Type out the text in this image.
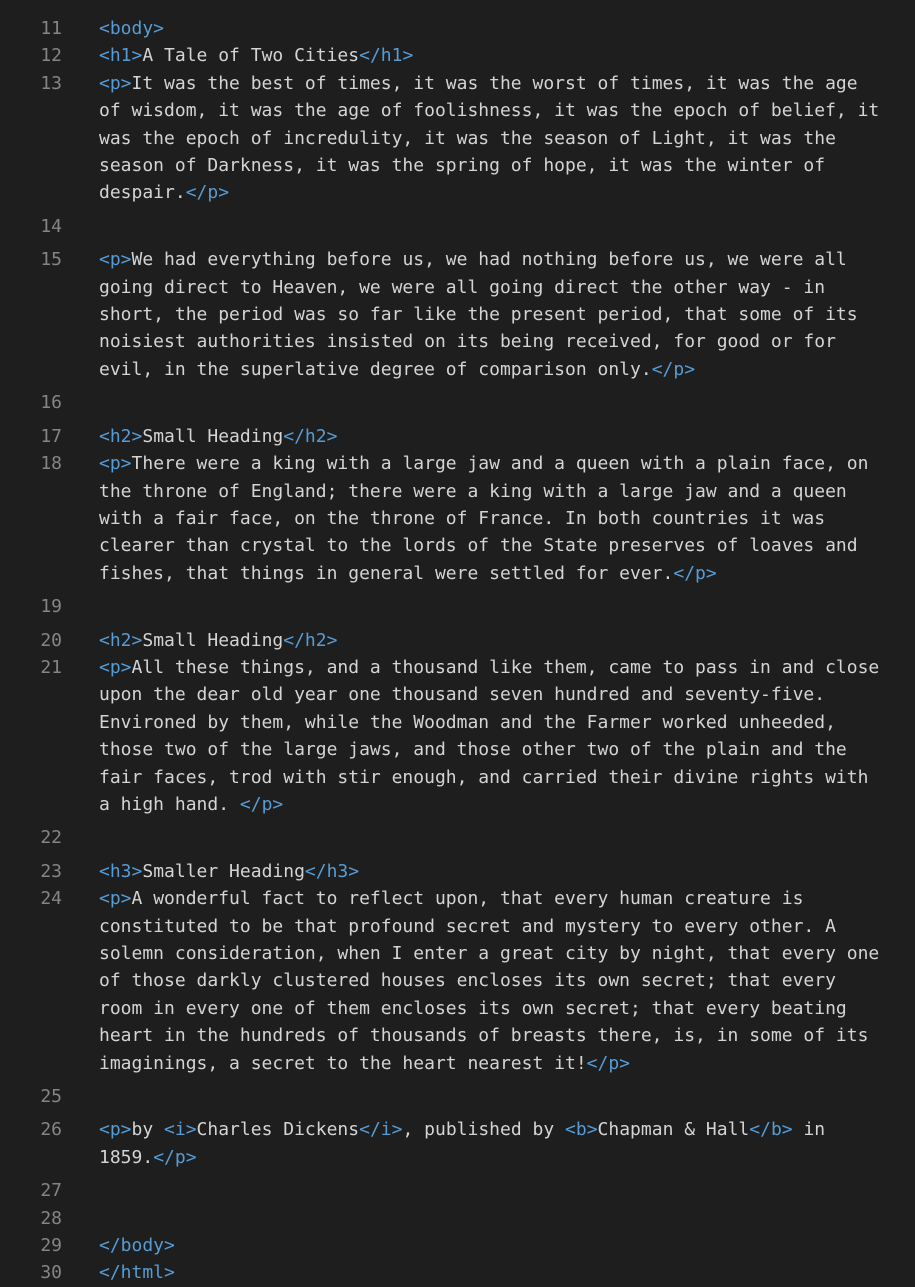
11	<body>
12	<h1>A Tale of Two Cities</h1>
13	<p>It was the best of times, it was the worst of times, it was the age of wisdom, it was the age of foolishness, it was the epoch of belief, it was the epoch of incredulity, it was the season of Light, it was the season of Darkness, it was the spring of hope, it was the winter of despair.</p>
14

15	<p>We had everything before us, we had nothing before us, we were all going direct to Heaven, we were all going direct the other way - in short, the period was so far like the present period, that some of its noisiest authorities insisted on its being received, for good or for evil, in the superlative degree of comparison only.</p>
16

17	<h2>Small Heading</h2>
18	<p>There were a king with a large jaw and a queen with a plain face, on the throne of England; there were a king with a large jaw and a queen with a fair face, on the throne of France. In both countries it was clearer than crystal to the lords of the State preserves of loaves and fishes, that things in general were settled for ever.</p>
19

20	<h2>Small Heading</h2>
21	<p>All these things, and a thousand like them, came to pass in and close upon the dear old year one thousand seven hundred and seventy-five. Environed by them, while the Woodman and the Farmer worked unheeded, those two of the large jaws, and those other two of the plain and the fair faces, trod with stir enough, and carried their divine rights with a high hand. </p>
22

23	<h3>Smaller Heading</h3>
24	<p>A wonderful fact to reflect upon, that every human creature is constituted to be that profound secret and mystery to every other. A solemn consideration, when I enter a great city by night, that every one of those darkly clustered houses encloses its own secret; that every room in every one of them encloses its own secret; that every beating heart in the hundreds of thousands of breasts there, is, in some of its imaginings, a secret to the heart nearest it!</p>
25

26	<p>by <i>Charles Dickens</i>, published by <b>Chapman & Hall</b> in 1859.</p>
27

28

29	</body>
30	</html>
